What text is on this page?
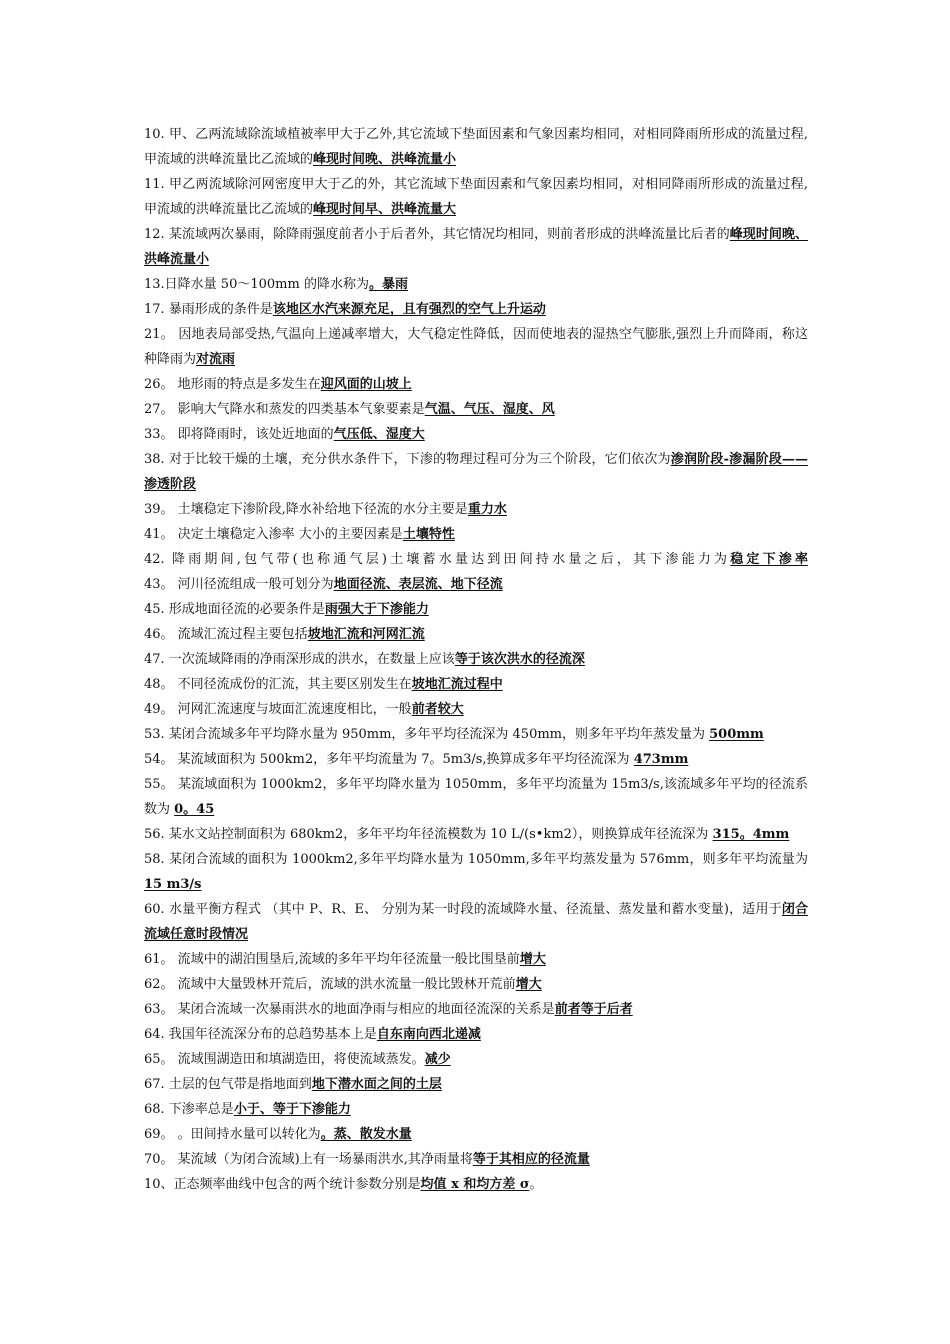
10. 甲、乙两流域除流域植被率甲大于乙外,其它流域下垫面因素和气象因素均相同，对相同降雨所形成的流量过程,甲流域的洪峰流量比乙流域的峰现时间晚、洪峰流量小

11. 甲乙两流域除河网密度甲大于乙的外，其它流域下垫面因素和气象因素均相同，对相同降雨所形成的流量过程,甲流域的洪峰流量比乙流域的峰现时间早、洪峰流量大

12. 某流域两次暴雨，除降雨强度前者小于后者外，其它情况均相同，则前者形成的洪峰流量比后者的峰现时间晚、洪峰流量小

13.日降水量 50～100mm 的降水称为。暴雨

17. 暴雨形成的条件是该地区水汽来源充足，且有强烈的空气上升运动

21。 因地表局部受热,气温向上递减率增大，大气稳定性降低，因而使地表的湿热空气膨胀,强烈上升而降雨，称这种降雨为对流雨

26。 地形雨的特点是多发生在迎风面的山坡上

27。 影响大气降水和蒸发的四类基本气象要素是气温、气压、湿度、风

33。 即将降雨时，该处近地面的气压低、湿度大

38. 对于比较干燥的土壤，充分供水条件下，下渗的物理过程可分为三个阶段，它们依次为渗润阶段-渗漏阶段——渗透阶段

39。 土壤稳定下渗阶段,降水补给地下径流的水分主要是重力水

41。 决定土壤稳定入渗率 大小的主要因素是土壤特性

42. 降雨期间,包气带(也称通气层)土壤蓄水量达到田间持水量之后，其下渗能力为稳定下渗率

43。 河川径流组成一般可划分为地面径流、表层流、地下径流

45. 形成地面径流的必要条件是雨强大于下渗能力

46。 流域汇流过程主要包括坡地汇流和河网汇流

47. 一次流域降雨的净雨深形成的洪水，在数量上应该等于该次洪水的径流深

48。 不同径流成份的汇流，其主要区别发生在坡地汇流过程中

49。 河网汇流速度与坡面汇流速度相比，一般前者较大

53. 某闭合流域多年平均降水量为 950mm，多年平均径流深为 450mm，则多年平均年蒸发量为 500mm

54。 某流域面积为 500km2，多年平均流量为 7。5m3/s,换算成多年平均径流深为 473mm

55。 某流域面积为 1000km2，多年平均降水量为 1050mm，多年平均流量为 15m3/s,该流域多年平均的径流系数为 0。45

56. 某水文站控制面积为 680km2，多年平均年径流模数为 10 L/(s•km2），则换算成年径流深为 315。4mm

58. 某闭合流域的面积为 1000km2,多年平均降水量为 1050mm,多年平均蒸发量为 576mm，则多年平均流量为 15 m3/s

60. 水量平衡方程式 （其中 P、R、E、 分别为某一时段的流域降水量、径流量、蒸发量和蓄水变量)，适用于闭合流域任意时段情况

61。 流域中的湖泊围垦后,流域的多年平均年径流量一般比围垦前增大

62。 流域中大量毁林开荒后，流域的洪水流量一般比毁林开荒前增大

63。 某闭合流域一次暴雨洪水的地面净雨与相应的地面径流深的关系是前者等于后者

64. 我国年径流深分布的总趋势基本上是自东南向西北递减

65。 流域围湖造田和填湖造田，将使流域蒸发。减少

67. 土层的包气带是指地面到地下潜水面之间的土层

68. 下渗率总是小于、等于下渗能力

69。 。田间持水量可以转化为。蒸、散发水量

70。 某流域（为闭合流域)上有一场暴雨洪水,其净雨量将等于其相应的径流量

10、正态频率曲线中包含的两个统计参数分别是均值 x 和均方差 σ。
